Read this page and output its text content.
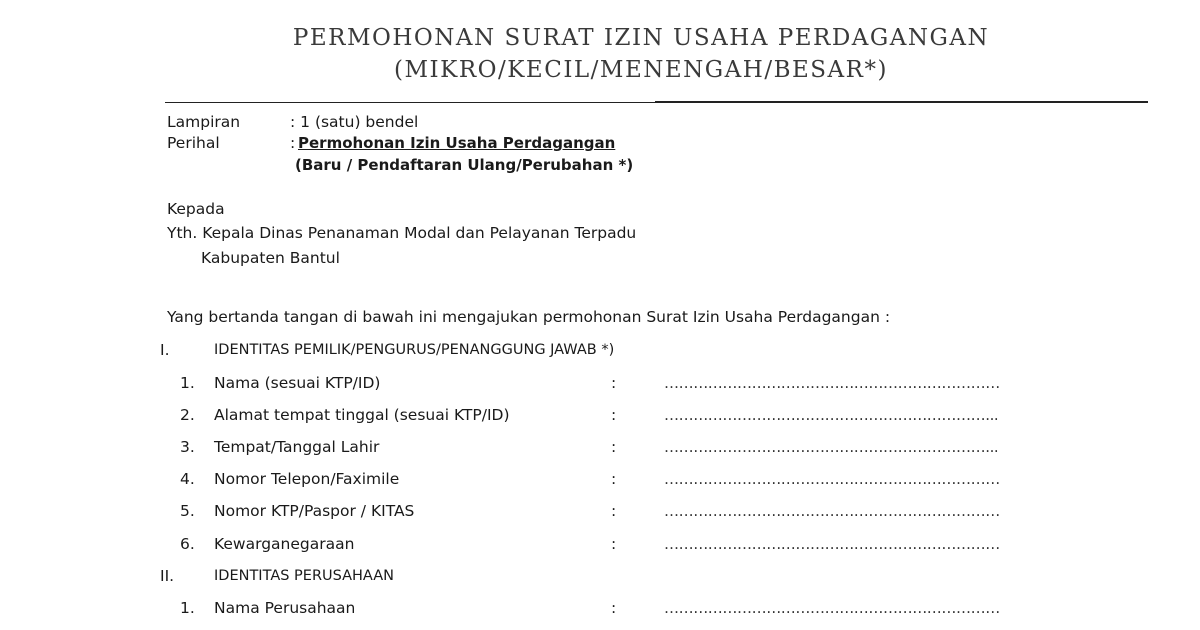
PERMOHONAN SURAT IZIN USAHA PERDAGANGAN
(MIKRO/KECIL/MENENGAH/BESAR*)
Lampiran	: 1 (satu) bendel
Perihal	: Permohonan Izin Usaha Perdagangan
(Baru / Pendaftaran Ulang/Perubahan *)
Kepada
Yth. Kepala Dinas Penanaman Modal dan Pelayanan Terpadu
Kabupaten Bantul
Yang bertanda tangan di bawah ini mengajukan permohonan Surat Izin Usaha Perdagangan :
I.	IDENTITAS PEMILIK/PENGURUS/PENANGGUNG JAWAB *)
1. Nama (sesuai KTP/ID)	:	……………………………………………………………
2. Alamat tempat tinggal (sesuai KTP/ID)	:	…………………………………………………………...
3. Tempat/Tanggal Lahir	:	…………………………………………………………...
4. Nomor Telepon/Faximile	:	……………………………………………………………
5. Nomor KTP/Paspor / KITAS	:	……………………………………………………………
6. Kewarganegaraan	:	……………………………………………………………
II.	IDENTITAS PERUSAHAAN
1. Nama Perusahaan	:	……………………………………………………………
